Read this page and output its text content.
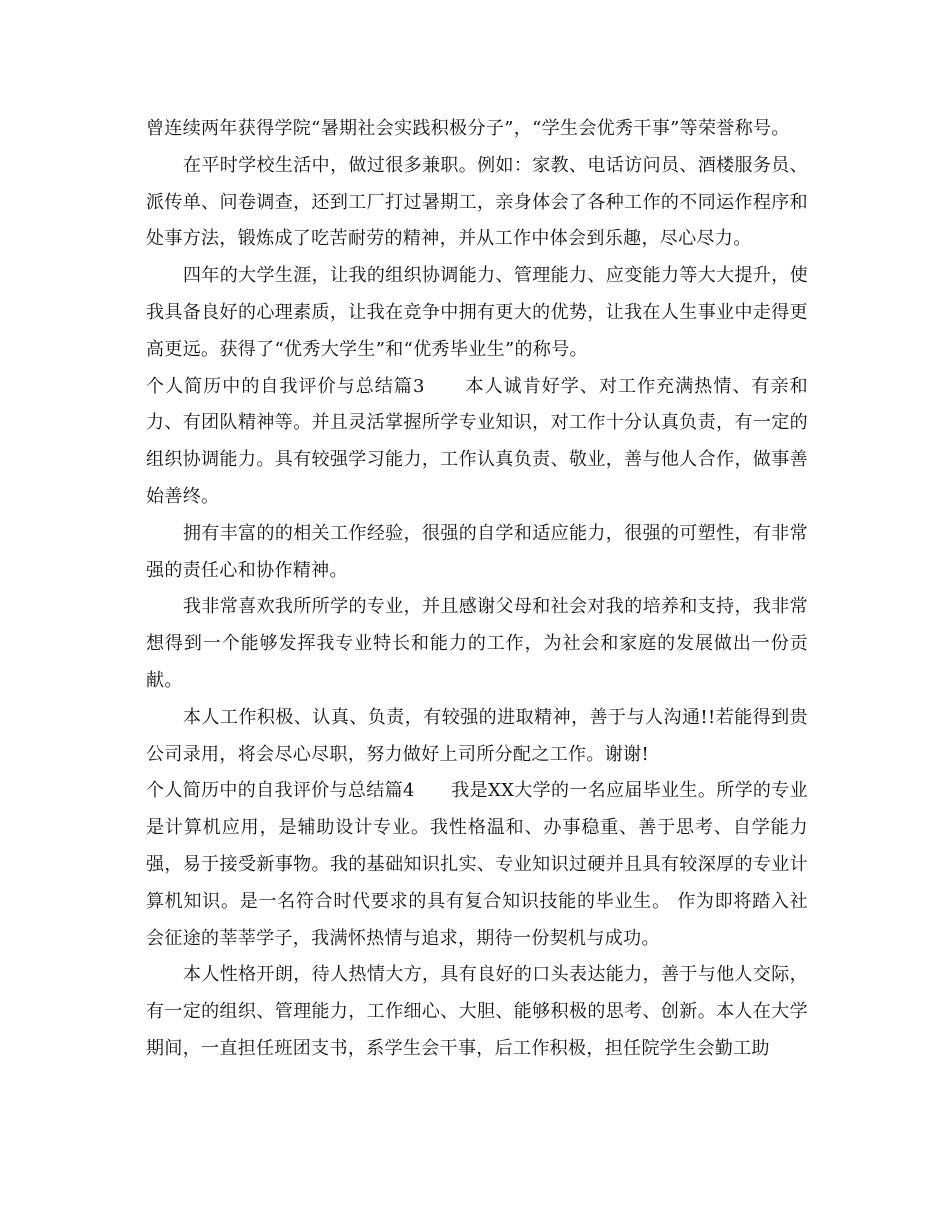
曾连续两年获得学院“暑期社会实践积极分子”，“学生会优秀干事”等荣誉称号。

在平时学校生活中，做过很多兼职。例如：家教、电话访问员、酒楼服务员、派传单、问卷调查，还到工厂打过暑期工，亲身体会了各种工作的不同运作程序和处事方法，锻炼成了吃苦耐劳的精神，并从工作中体会到乐趣，尽心尽力。

四年的大学生涯，让我的组织协调能力、管理能力、应变能力等大大提升，使我具备良好的心理素质，让我在竞争中拥有更大的优势，让我在人生事业中走得更高更远。获得了“优秀大学生”和“优秀毕业生”的称号。

个人简历中的自我评价与总结篇3 本人诚肯好学、对工作充满热情、有亲和力、有团队精神等。并且灵活掌握所学专业知识，对工作十分认真负责，有一定的组织协调能力。具有较强学习能力，工作认真负责、敬业，善与他人合作，做事善始善终。

拥有丰富的的相关工作经验，很强的自学和适应能力，很强的可塑性，有非常强的责任心和协作精神。

我非常喜欢我所所学的专业，并且感谢父母和社会对我的培养和支持，我非常想得到一个能够发挥我专业特长和能力的工作，为社会和家庭的发展做出一份贡献。

本人工作积极、认真、负责，有较强的进取精神，善于与人沟通!!若能得到贵公司录用，将会尽心尽职，努力做好上司所分配之工作。谢谢!

个人简历中的自我评价与总结篇4 我是XX大学的一名应届毕业生。所学的专业是计算机应用，是辅助设计专业。我性格温和、办事稳重、善于思考、自学能力强，易于接受新事物。我的基础知识扎实、专业知识过硬并且具有较深厚的专业计算机知识。是一名符合时代要求的具有复合知识技能的毕业生。 作为即将踏入社会征途的莘莘学子，我满怀热情与追求，期待一份契机与成功。

本人性格开朗，待人热情大方，具有良好的口头表达能力，善于与他人交际，有一定的组织、管理能力，工作细心、大胆、能够积极的思考、创新。本人在大学期间，一直担任班团支书，系学生会干事，后工作积极，担任院学生会勤工助
